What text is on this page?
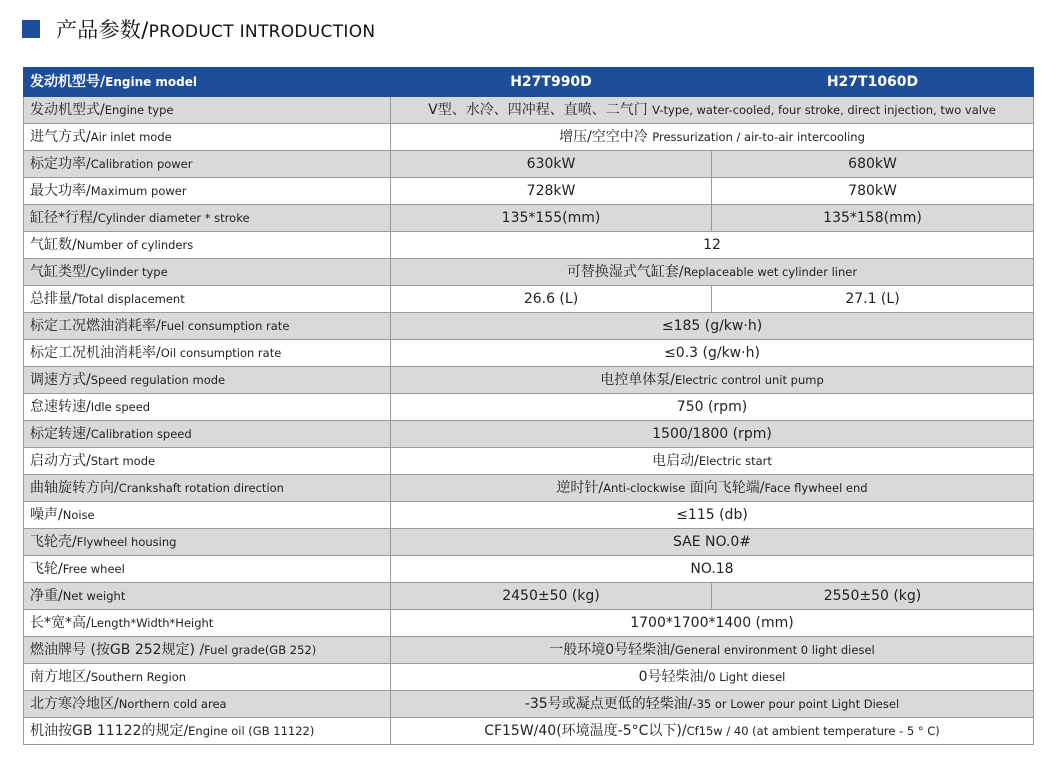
产品参数/PRODUCT INTRODUCTION
发动机型号/Engine model	H27T990D	H27T1060D
发动机型式/Engine type	V型、水冷、四冲程、直喷、二气门 V-type, water-cooled, four stroke, direct injection, two valve	
进气方式/Air inlet mode	增压/空空中冷 Pressurization / air-to-air intercooling	
标定功率/Calibration power	630kW	680kW
最大功率/Maximum power	728kW	780kW
缸径*行程/Cylinder diameter * stroke	135*155(mm)	135*158(mm)
气缸数/Number of cylinders	12	
气缸类型/Cylinder type	可替换湿式气缸套/Replaceable wet cylinder liner	
总排量/Total displacement	26.6 (L)	27.1 (L)
标定工况燃油消耗率/Fuel consumption rate	≤185 (g/kw·h)	
标定工况机油消耗率/Oil consumption rate	≤0.3 (g/kw·h)	
调速方式/Speed regulation mode	电控单体泵/Electric control unit pump	
怠速转速/Idle speed	750 (rpm)	
标定转速/Calibration speed	1500/1800 (rpm)	
启动方式/Start mode	电启动/Electric start	
曲轴旋转方向/Crankshaft rotation direction	逆时针/Anti-clockwise 面向飞轮端/Face flywheel end	
噪声/Noise	≤115 (db)	
飞轮壳/Flywheel housing	SAE NO.0#	
飞轮/Free wheel	NO.18	
净重/Net weight	2450±50 (kg)	2550±50 (kg)
长*宽*高/Length*Width*Height	1700*1700*1400 (mm)	
燃油牌号 (按GB 252规定) /Fuel grade(GB 252)	一般环境0号轻柴油/General environment 0 light diesel	
南方地区/Southern Region	0号轻柴油/0 Light diesel	
北方寒冷地区/Northern cold area	-35号或凝点更低的轻柴油/-35 or Lower pour point Light Diesel	
机油按GB 11122的规定/Engine oil (GB 11122)	CF15W/40(环境温度-5°C以下)/Cf15w / 40 (at ambient temperature - 5 ° C)	
